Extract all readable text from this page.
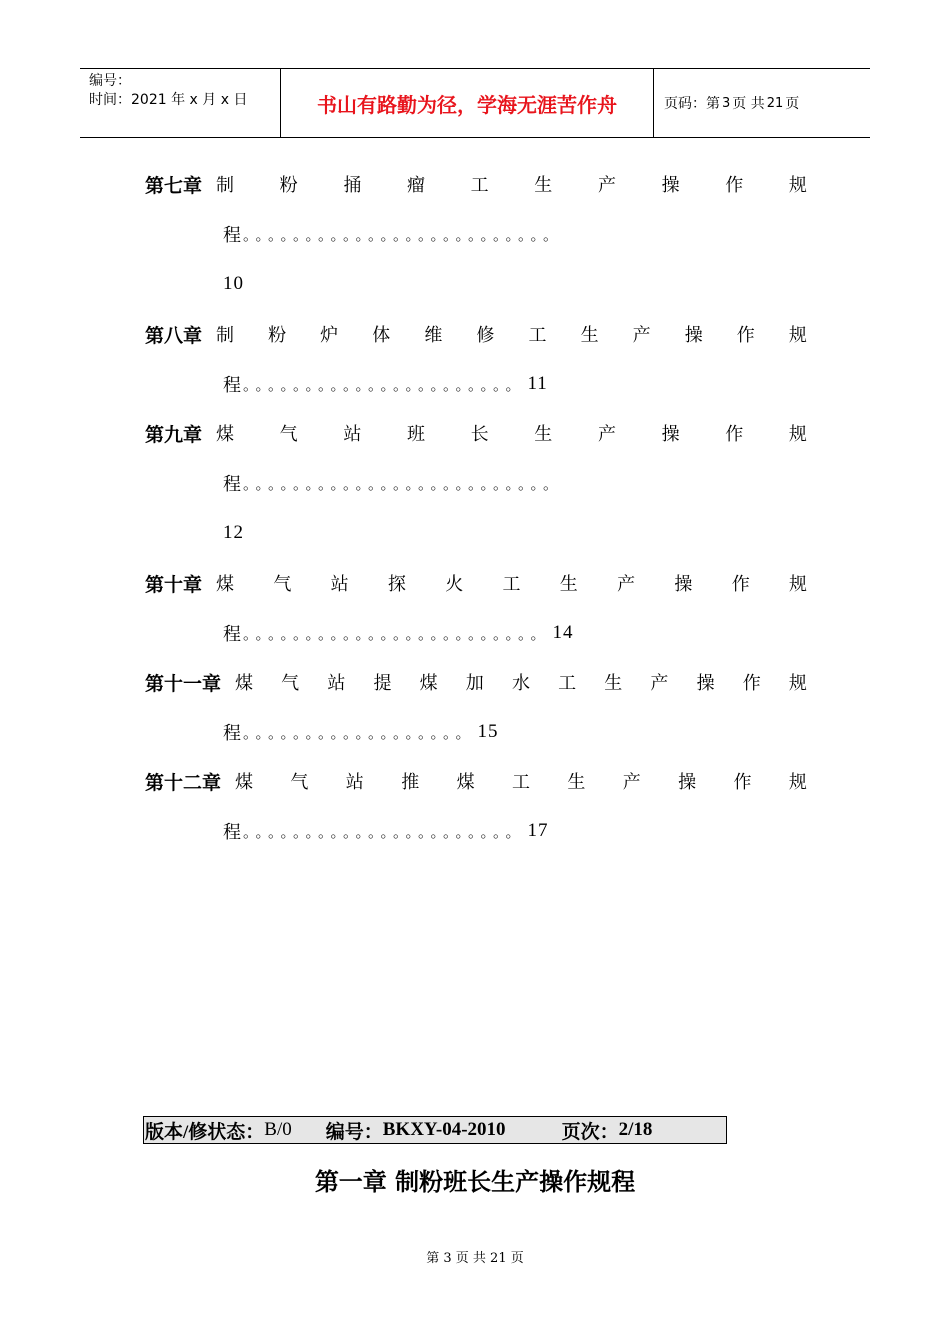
编号：
时间：2021 年 x 月 x 日	书山有路勤为径，学海无涯苦作舟	页码：第 3 页 共 21 页
第七章 制	粉	捅	瘤	工	生	产	操	作	规
程 。。。。。。。。。。。。。。。。。。。。。。。。。
10
第八章 制 粉 炉 体 维 修 工 生 产 操 作 规
程 。。。。。。。。。。。。。。。。。。。。。。 11
第九章 煤	气	站	班	长	生	产	操	作	规
程 。。。。。。。。。。。。。。。。。。。。。。。。。
12
第十章 煤 气 站 探 火 工 生 产 操 作 规
程 。。。。。。。。。。。。。。。。。。。。。。。。 14
第十一章 煤 气 站 提 煤 加 水 工 生 产 操 作 规
程 。。。。。。。。。。。。。。。。。。 15
第十二章 煤 气 站 推 煤 工 生 产 操 作 规
程 。。。。。。。。。。。。。。。。。。。。。。 17
版本/修状态： B/0 编号： BKXY-04-2010	页次： 2/18
第一章 制粉班长生产操作规程
第 3 页 共 21 页
